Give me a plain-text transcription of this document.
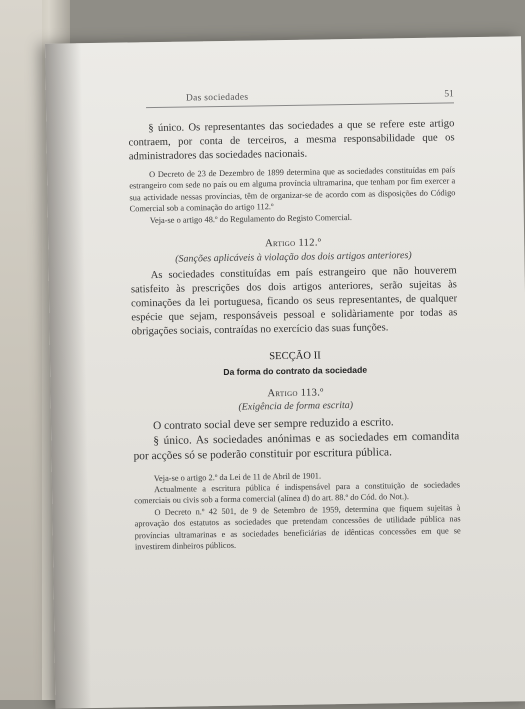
Das sociedades	51

§ único. Os representantes das sociedades a que se refere este artigo contraem, por conta de terceiros, a mesma responsabilidade que os administradores das sociedades nacionais.

O Decreto de 23 de Dezembro de 1899 determina que as sociedades constituídas em país estrangeiro com sede no país ou em alguma província ultramarina, que tenham por fim exercer a sua actividade nessas províncias, têm de organizar-se de acordo com as disposições do Código Comercial sob a cominação do artigo 112.º

Veja-se o artigo 48.º do Regulamento do Registo Comercial.

Artigo 112.º

(Sanções aplicáveis à violação dos dois artigos anteriores)

As sociedades constituídas em país estrangeiro que não houverem satisfeito às prescrições dos dois artigos anteriores, serão sujeitas às cominações da lei portuguesa, ficando os seus representantes, de qualquer espécie que sejam, responsáveis pessoal e solidàriamente por todas as obrigações sociais, contraídas no exercício das suas funções.

SECÇÃO II

Da forma do contrato da sociedade

Artigo 113.º

(Exigência de forma escrita)

O contrato social deve ser sempre reduzido a escrito.

§ único. As sociedades anónimas e as sociedades em comandita por acções só se poderão constituir por escritura pública.

Veja-se o artigo 2.º da Lei de 11 de Abril de 1901.

Actualmente a escritura pública é indispensável para a constituição de sociedades comerciais ou civis sob a forma comercial (alínea d) do art. 88.º do Cód. do Not.).

O Decreto n.º 42 501, de 9 de Setembro de 1959, determina que fiquem sujeitas à aprovação dos estatutos as sociedades que pretendam concessões de utilidade pública nas províncias ultramarinas e as sociedades beneficiárias de idênticas concessões em que se investirem dinheiros públicos.
